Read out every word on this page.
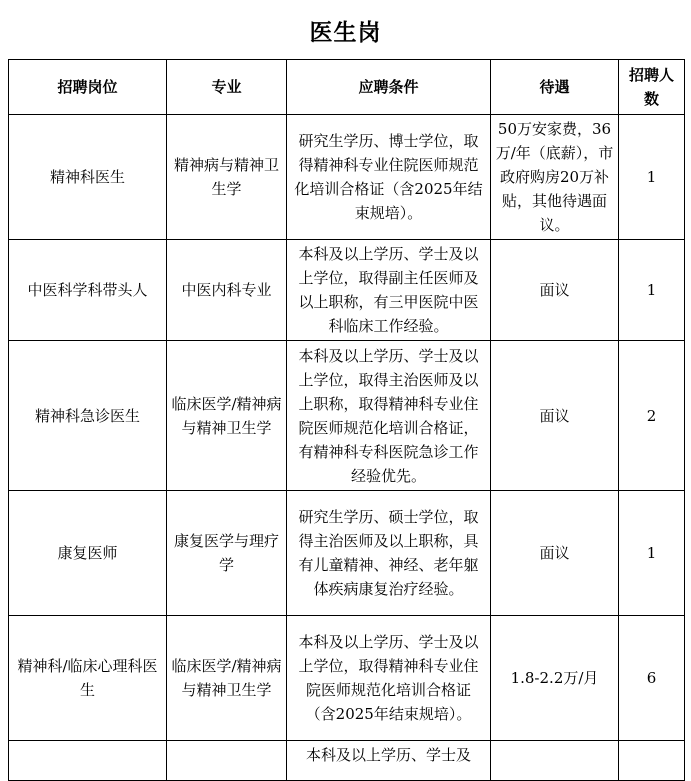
医生岗
招聘岗位	专业	应聘条件	待遇	招聘人数
精神科医生	精神病与精神卫生学	研究生学历、博士学位，取得精神科专业住院医师规范化培训合格证（含2025年结束规培）。	50万安家费，36万/年（底薪），市政府购房20万补贴，其他待遇面议。	1
中医科学科带头人	中医内科专业	本科及以上学历、学士及以上学位，取得副主任医师及以上职称，有三甲医院中医科临床工作经验。	面议	1
精神科急诊医生	临床医学/精神病与精神卫生学	本科及以上学历、学士及以上学位，取得主治医师及以上职称，取得精神科专业住院医师规范化培训合格证，有精神科专科医院急诊工作经验优先。	面议	2
康复医师	康复医学与理疗学	研究生学历、硕士学位，取得主治医师及以上职称，具有儿童精神、神经、老年躯体疾病康复治疗经验。	面议	1
精神科/临床心理科医生	临床医学/精神病与精神卫生学	本科及以上学历、学士及以上学位，取得精神科专业住院医师规范化培训合格证（含2025年结束规培）。	1.8-2.2万/月	6
		本科及以上学历、学士及		
